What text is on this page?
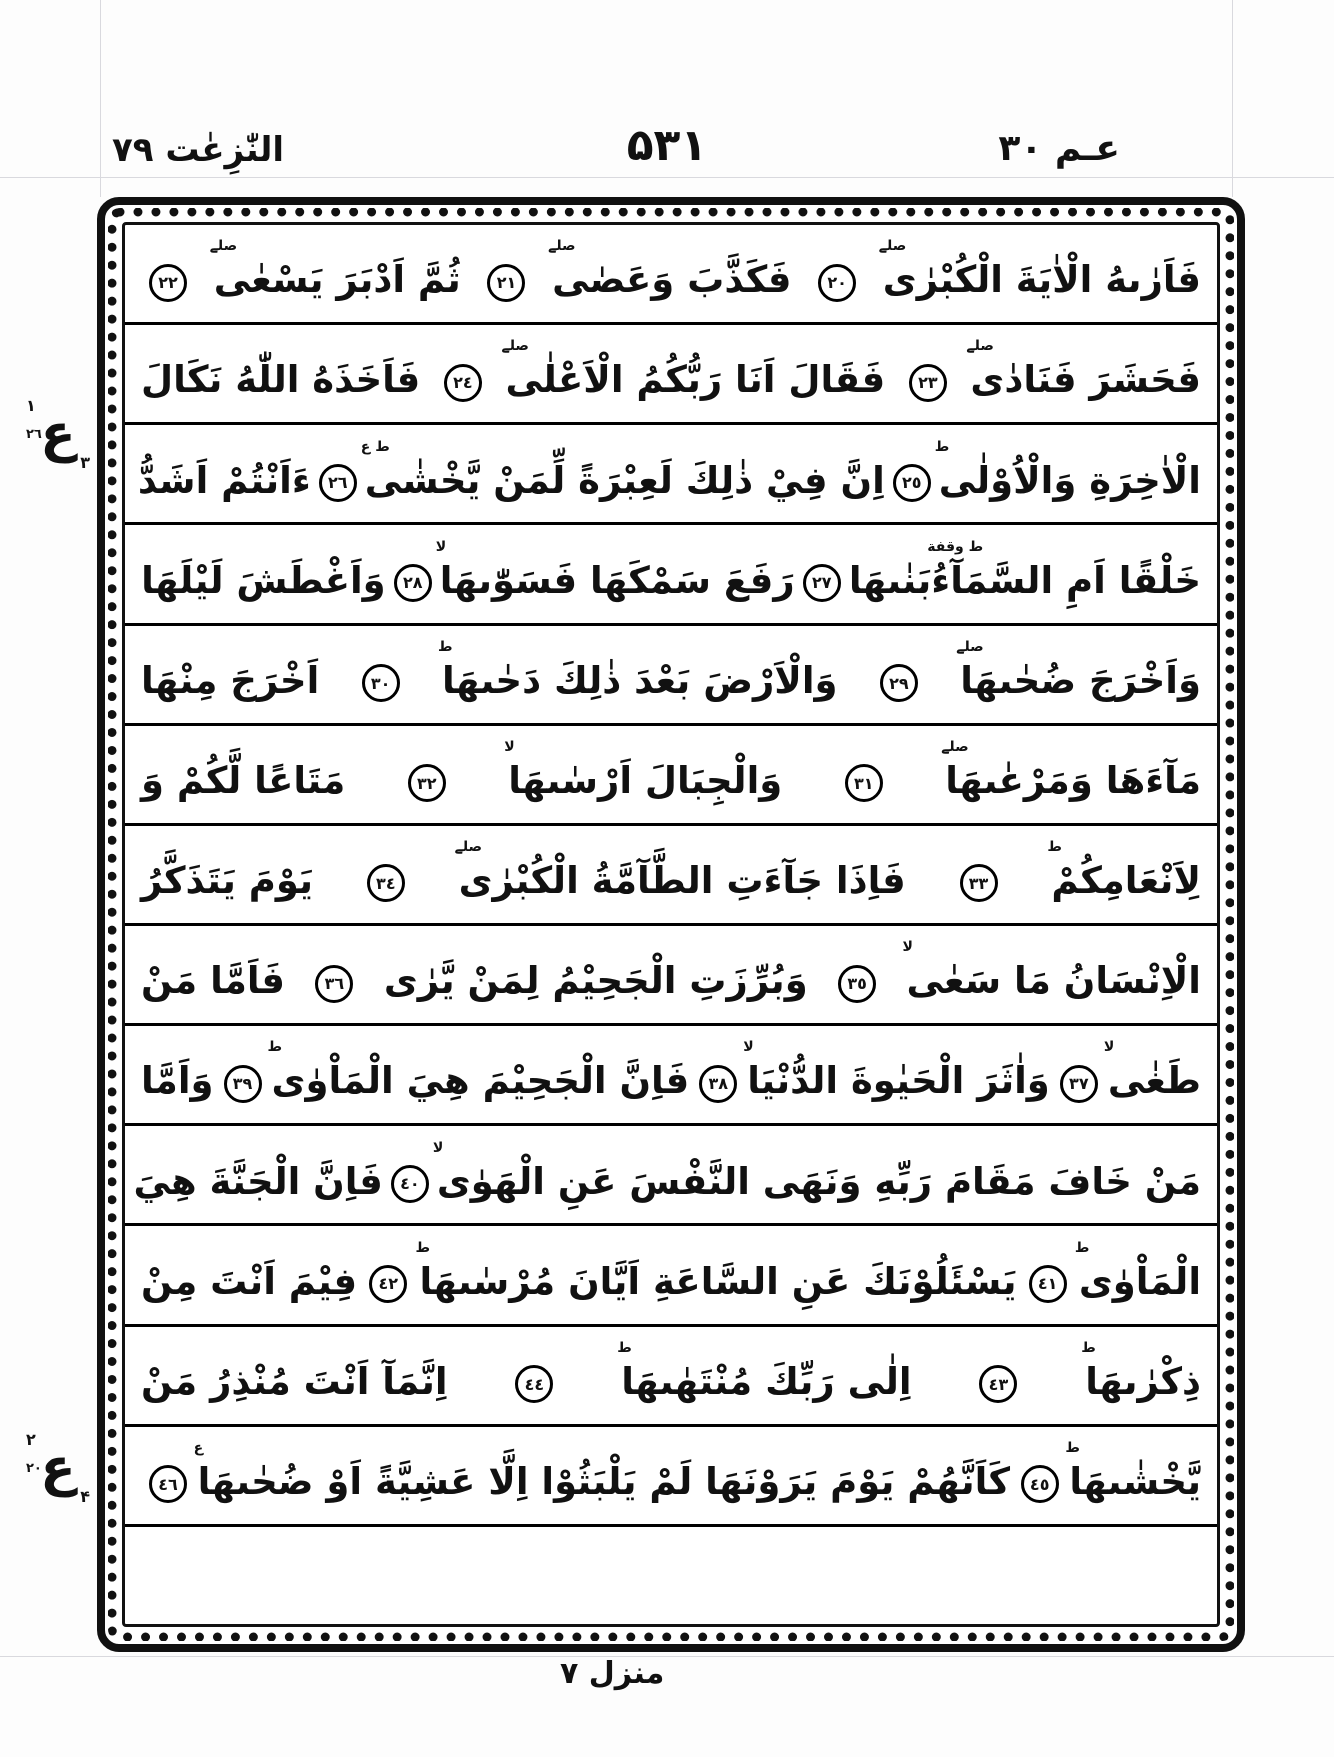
النّٰزِعٰت ۷۹	۵۳۱	عـم ۳۰
١ ع
٢٦
٣
٢ ع
٢٠
۴
فَاَرٰىهُ الْاٰيَةَ الْكُبْرٰى
صلے
٢٠
فَكَذَّبَ وَعَصٰى
صلے
٢١
ثُمَّ اَدْبَرَ يَسْعٰى
صلے
٢٢
فَحَشَرَ فَنَادٰى
صلے
٢٣
فَقَالَ اَنَا رَبُّكُمُ الْاَعْلٰى
صلے
٢٤
فَاَخَذَهُ اللّٰهُ نَكَالَ
الْاٰخِرَةِ وَالْاُوْلٰى
ط
٢٥
اِنَّ فِيْ ذٰلِكَ لَعِبْرَةً لِّمَنْ يَّخْشٰى
ط ع
٢٦
ءَاَنْتُمْ اَشَدُّ
خَلْقًا اَمِ السَّمَآءُ
ط وقفة
بَنٰىهَا
٢٧
رَفَعَ سَمْكَهَا فَسَوّٰىهَا
لا
٢٨
وَاَغْطَشَ لَيْلَهَا
وَاَخْرَجَ ضُحٰىهَا
صلے
٢٩
وَالْاَرْضَ بَعْدَ ذٰلِكَ دَحٰىهَا
ط
٣٠
اَخْرَجَ مِنْهَا
مَآءَهَا وَمَرْعٰىهَا
صلے
٣١
وَالْجِبَالَ اَرْسٰىهَا
لا
٣٢
مَتَاعًا لَّكُمْ وَ
لِاَنْعَامِكُمْ
ط
٣٣
فَاِذَا جَآءَتِ الطَّآمَّةُ الْكُبْرٰى
صلے
٣٤
يَوْمَ يَتَذَكَّرُ
الْاِنْسَانُ مَا سَعٰى
لا
٣٥
وَبُرِّزَتِ الْجَحِيْمُ لِمَنْ يَّرٰى
٣٦
فَاَمَّا مَنْ
طَغٰى
لا
٣٧
وَاٰثَرَ الْحَيٰوةَ الدُّنْيَا
لا
٣٨
فَاِنَّ الْجَحِيْمَ هِيَ الْمَاْوٰى
ط
٣٩
وَاَمَّا
مَنْ خَافَ مَقَامَ رَبِّهِ وَنَهَى النَّفْسَ عَنِ الْهَوٰى
لا
٤٠
فَاِنَّ الْجَنَّةَ هِيَ
الْمَاْوٰى
ط
٤١
يَسْئَلُوْنَكَ عَنِ السَّاعَةِ اَيَّانَ مُرْسٰىهَا
ط
٤٢
فِيْمَ اَنْتَ مِنْ
ذِكْرٰىهَا
ط
٤٣
اِلٰى رَبِّكَ مُنْتَهٰىهَا
ط
٤٤
اِنَّمَآ اَنْتَ مُنْذِرُ مَنْ
يَّخْشٰىهَا
ط
٤٥
كَاَنَّهُمْ يَوْمَ يَرَوْنَهَا لَمْ يَلْبَثُوْا اِلَّا عَشِيَّةً اَوْ ضُحٰىهَا
ع
٤٦
منزل ۷
